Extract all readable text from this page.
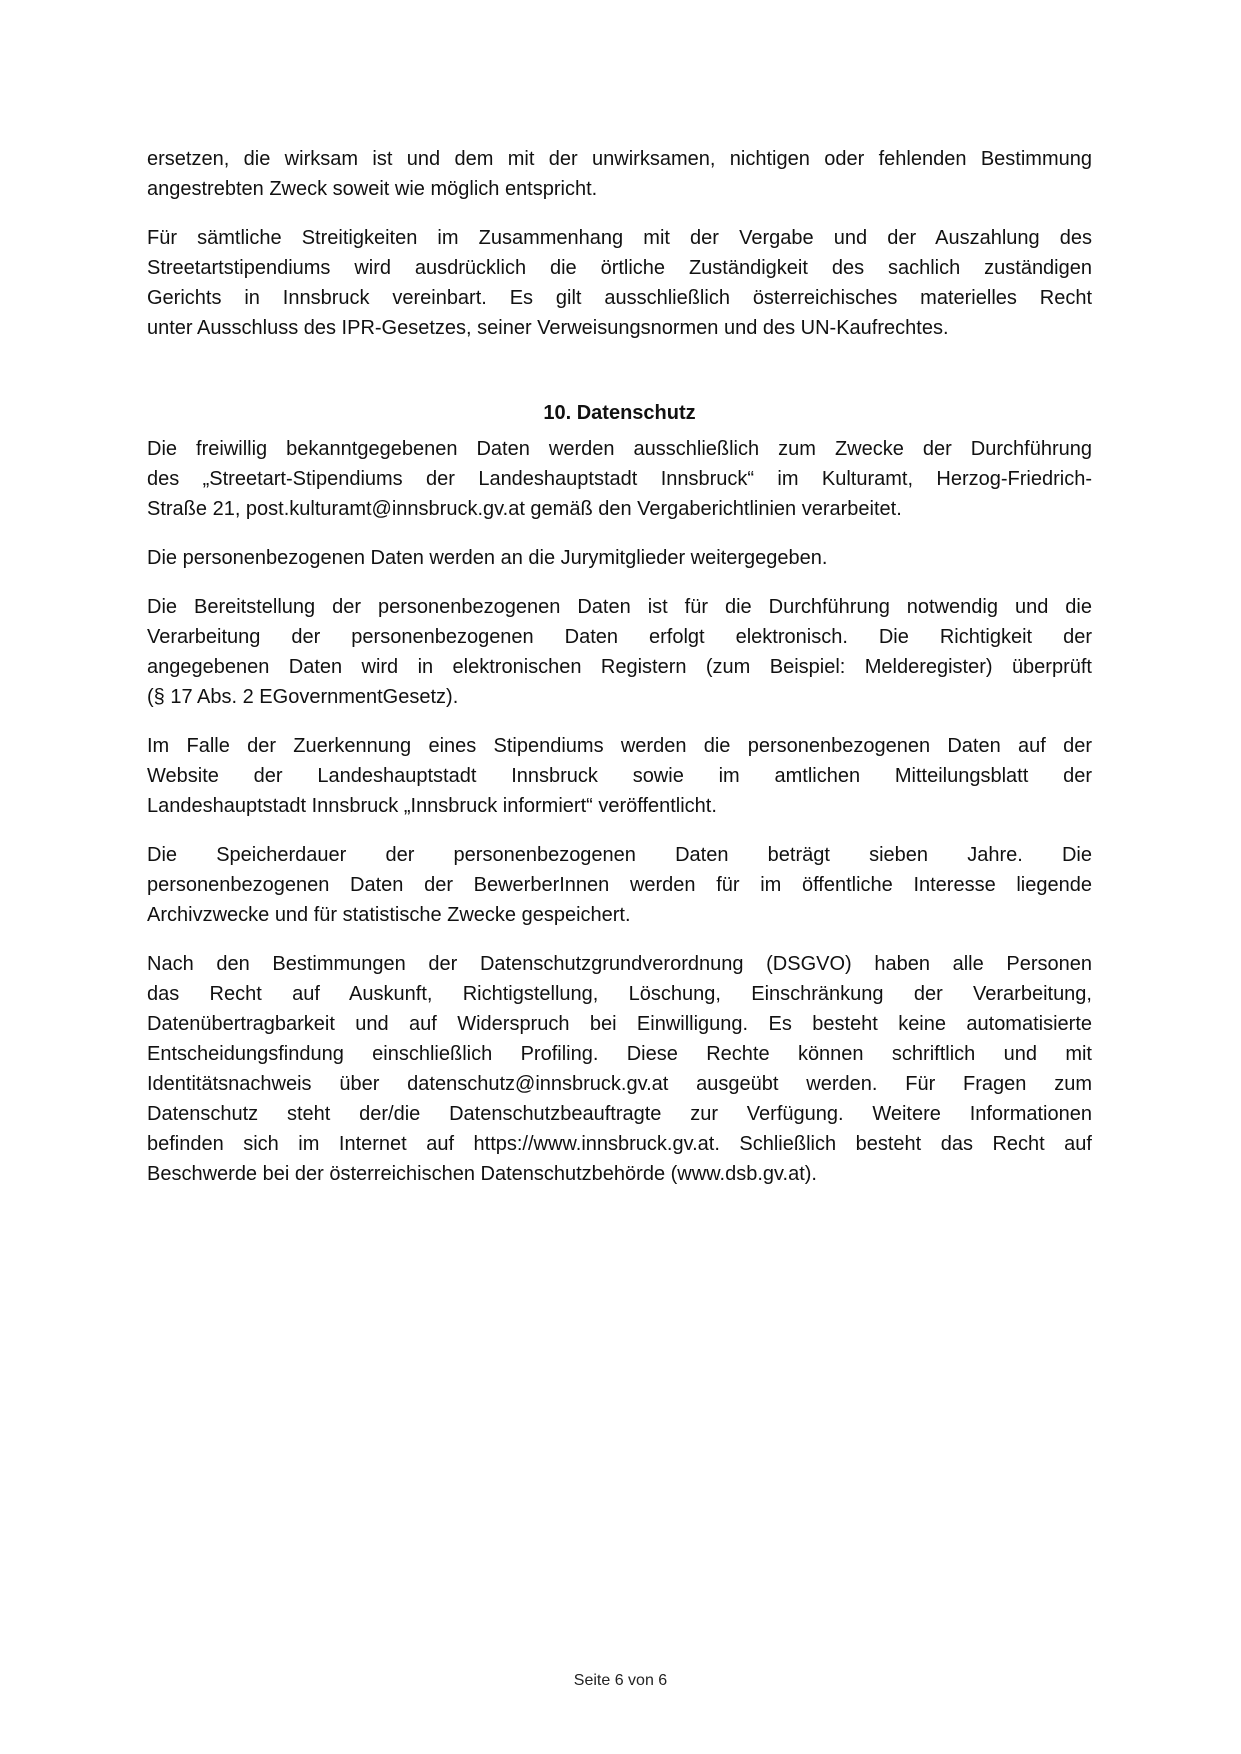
ersetzen, die wirksam ist und dem mit der unwirksamen, nichtigen oder fehlenden Bestimmung
angestrebten Zweck soweit wie möglich entspricht.
Für sämtliche Streitigkeiten im Zusammenhang mit der Vergabe und der Auszahlung des
Streetartstipendiums wird ausdrücklich die örtliche Zuständigkeit des sachlich zuständigen
Gerichts in Innsbruck vereinbart. Es gilt ausschließlich österreichisches materielles Recht
unter Ausschluss des IPR-Gesetzes, seiner Verweisungsnormen und des UN-Kaufrechtes.
10. Datenschutz
Die freiwillig bekanntgegebenen Daten werden ausschließlich zum Zwecke der Durchführung
des „Streetart-Stipendiums der Landeshauptstadt Innsbruck“ im Kulturamt, Herzog-Friedrich-
Straße 21, post.kulturamt@innsbruck.gv.at gemäß den Vergaberichtlinien verarbeitet.
Die personenbezogenen Daten werden an die Jurymitglieder weitergegeben.
Die Bereitstellung der personenbezogenen Daten ist für die Durchführung notwendig und die
Verarbeitung der personenbezogenen Daten erfolgt elektronisch. Die Richtigkeit der
angegebenen Daten wird in elektronischen Registern (zum Beispiel: Melderegister) überprüft
(§ 17 Abs. 2 EGovernmentGesetz).
Im Falle der Zuerkennung eines Stipendiums werden die personenbezogenen Daten auf der
Website der Landeshauptstadt Innsbruck sowie im amtlichen Mitteilungsblatt der
Landeshauptstadt Innsbruck „Innsbruck informiert“ veröffentlicht.
Die Speicherdauer der personenbezogenen Daten beträgt sieben Jahre. Die
personenbezogenen Daten der BewerberInnen werden für im öffentliche Interesse liegende
Archivzwecke und für statistische Zwecke gespeichert.
Nach den Bestimmungen der Datenschutzgrundverordnung (DSGVO) haben alle Personen
das Recht auf Auskunft, Richtigstellung, Löschung, Einschränkung der Verarbeitung,
Datenübertragbarkeit und auf Widerspruch bei Einwilligung. Es besteht keine automatisierte
Entscheidungsfindung einschließlich Profiling. Diese Rechte können schriftlich und mit
Identitätsnachweis über datenschutz@innsbruck.gv.at ausgeübt werden. Für Fragen zum
Datenschutz steht der/die Datenschutzbeauftragte zur Verfügung. Weitere Informationen
befinden sich im Internet auf https://www.innsbruck.gv.at. Schließlich besteht das Recht auf
Beschwerde bei der österreichischen Datenschutzbehörde (www.dsb.gv.at).
Seite 6 von 6
